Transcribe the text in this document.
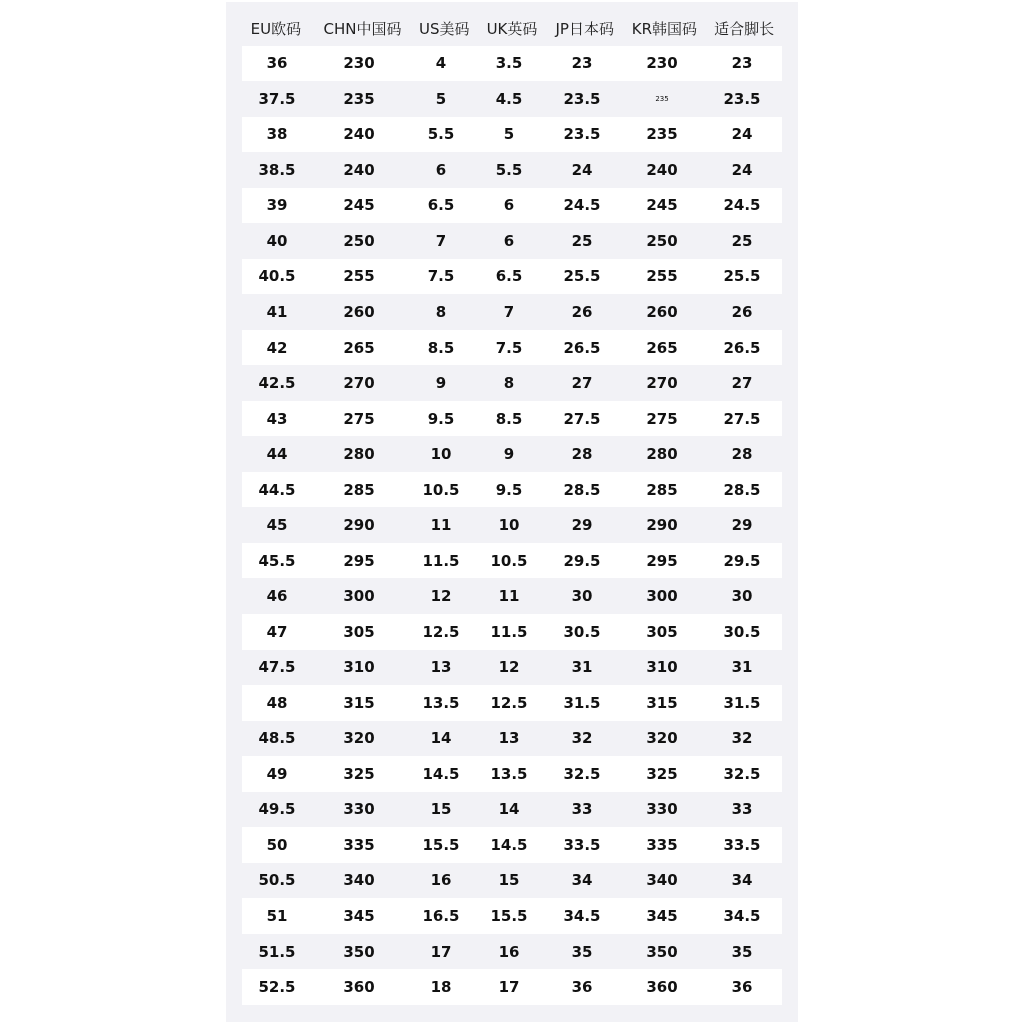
EU欧码	CHN中国码	US美码	UK英码	JP日本码	KR韩国码	适合脚长
36	230	4	3.5	23	230	23
37.5	235	5	4.5	23.5	235	23.5
38	240	5.5	5	23.5	235	24
38.5	240	6	5.5	24	240	24
39	245	6.5	6	24.5	245	24.5
40	250	7	6	25	250	25
40.5	255	7.5	6.5	25.5	255	25.5
41	260	8	7	26	260	26
42	265	8.5	7.5	26.5	265	26.5
42.5	270	9	8	27	270	27
43	275	9.5	8.5	27.5	275	27.5
44	280	10	9	28	280	28
44.5	285	10.5	9.5	28.5	285	28.5
45	290	11	10	29	290	29
45.5	295	11.5	10.5	29.5	295	29.5
46	300	12	11	30	300	30
47	305	12.5	11.5	30.5	305	30.5
47.5	310	13	12	31	310	31
48	315	13.5	12.5	31.5	315	31.5
48.5	320	14	13	32	320	32
49	325	14.5	13.5	32.5	325	32.5
49.5	330	15	14	33	330	33
50	335	15.5	14.5	33.5	335	33.5
50.5	340	16	15	34	340	34
51	345	16.5	15.5	34.5	345	34.5
51.5	350	17	16	35	350	35
52.5	360	18	17	36	360	36
